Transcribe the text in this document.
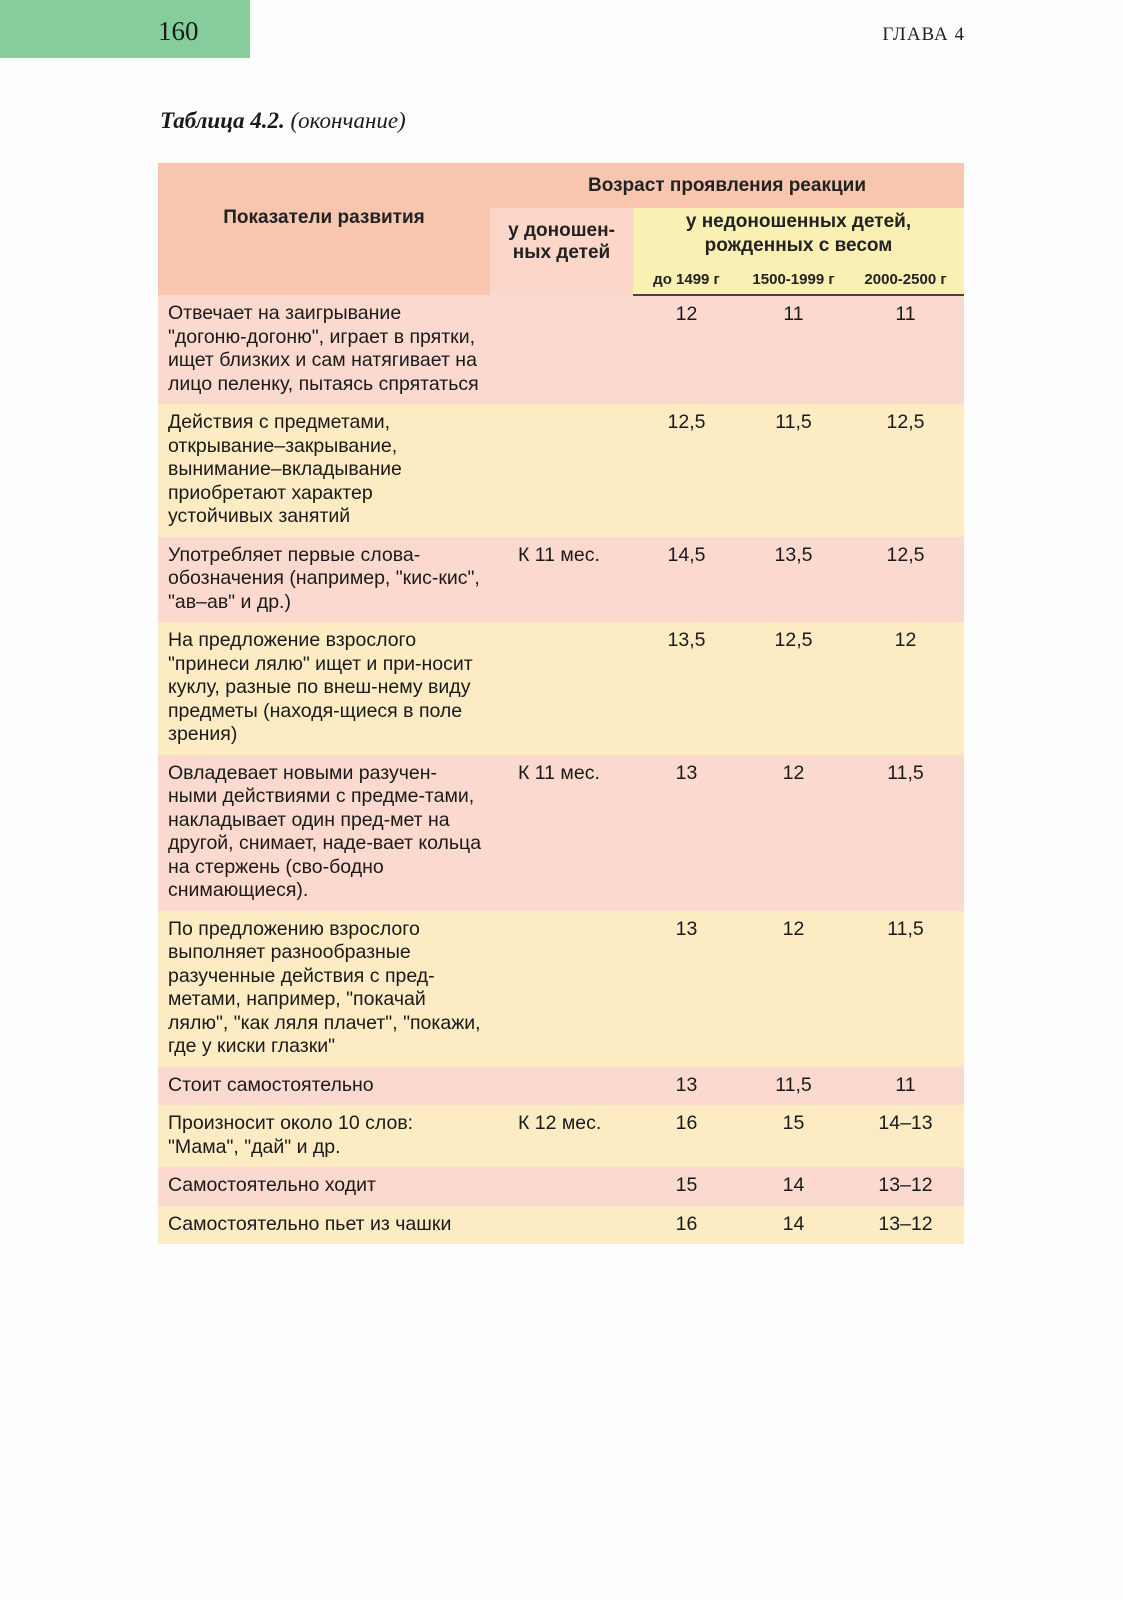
160	ГЛАВА 4
Таблица 4.2. (окончание)
Показатели развития	Возраст проявления реакции			
	у доношен-ных детей	у недоношенных детей, рожденных с весом		
		до 1499 г	1500-1999 г	2000-2500 г
Отвечает на заигрывание "догоню-догоню", играет в прятки, ищет близких и сам натягивает на лицо пеленку, пытаясь спрятаться		12	11	11
Действия с предметами, открывание–закрывание, вынимание–вкладывание приобретают характер устойчивых занятий		12,5	11,5	12,5
Употребляет первые слова-обозначения (например, "кис-кис", "ав–ав" и др.)	К 11 мес.	14,5	13,5	12,5
На предложение взрослого "принеси лялю" ищет и при-носит куклу, разные по внеш-нему виду предметы (находя-щиеся в поле зрения)		13,5	12,5	12
Овладевает новыми разучен-ными действиями с предме-тами, накладывает один пред-мет на другой, снимает, наде-вает кольца на стержень (сво-бодно снимающиеся).	К 11 мес.	13	12	11,5
По предложению взрослого выполняет разнообразные разученные действия с пред-метами, например, "покачай лялю", "как ляля плачет", "покажи, где у киски глазки"		13	12	11,5
Стоит самостоятельно		13	11,5	11
Произносит около 10 слов: "Мама", "дай" и др.	К 12 мес.	16	15	14–13
Самостоятельно ходит		15	14	13–12
Самостоятельно пьет из чашки		16	14	13–12
